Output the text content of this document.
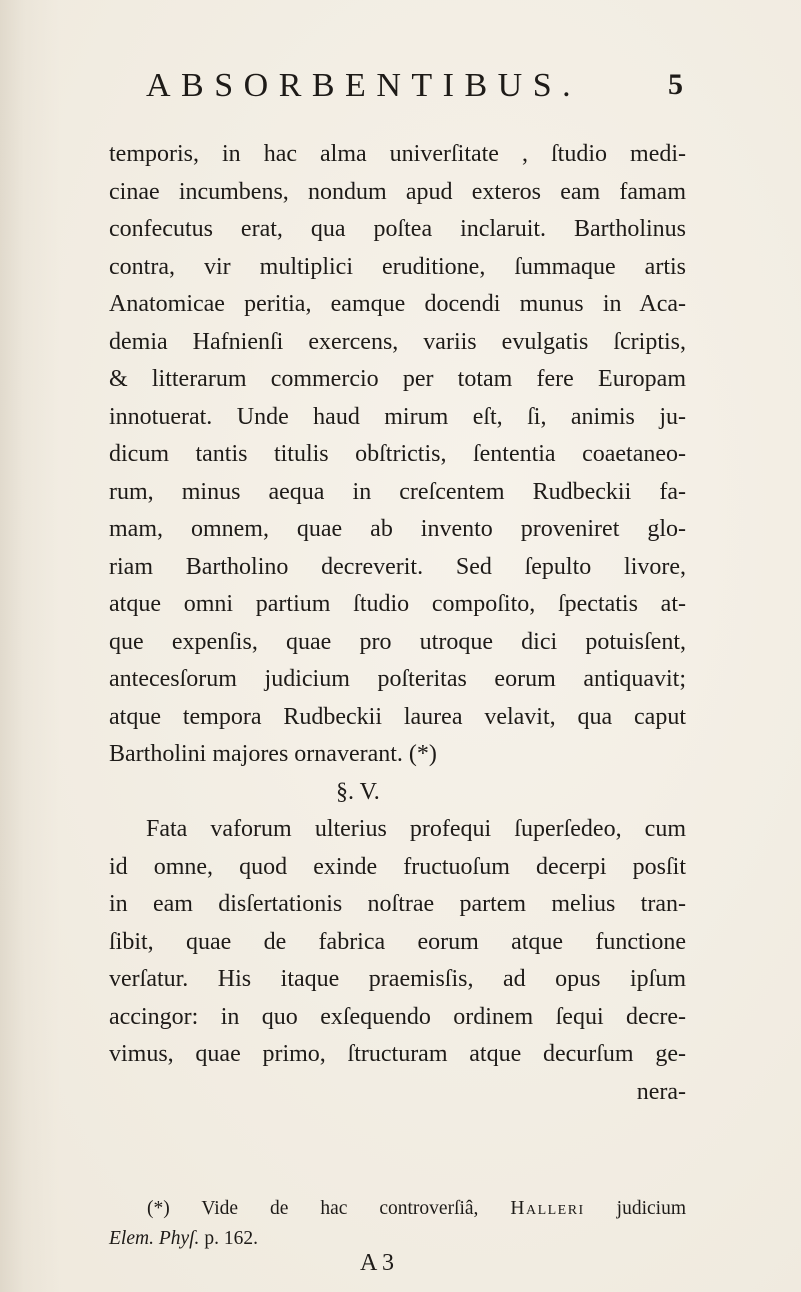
ABSORBENTIBUS.	5
temporis, in hac alma univerſitate , ſtudio medi-
cinae incumbens, nondum apud exteros eam famam
confecutus erat, qua poſtea inclaruit. Bartholinus
contra, vir multiplici eruditione, ſummaque artis
Anatomicae peritia, eamque docendi munus in Aca-
demia Hafnienſi exercens, variis evulgatis ſcriptis,
& litterarum commercio per totam fere Europam
innotuerat. Unde haud mirum eſt, ſi, animis ju-
dicum tantis titulis obſtrictis, ſententia coaetaneo-
rum, minus aequa in creſcentem Rudbeckii fa-
mam, omnem, quae ab invento proveniret glo-
riam Bartholino decreverit. Sed ſepulto livore,
atque omni partium ſtudio compoſito, ſpectatis at-
que expenſis, quae pro utroque dici potuisſent,
antecesſorum judicium poſteritas eorum antiquavit;
atque tempora Rudbeckii laurea velavit, qua caput
Bartholini majores ornaverant. (*)
§. V.
Fata vaforum ulterius profequi ſuperſedeo, cum
id omne, quod exinde fructuoſum decerpi posſit
in eam disſertationis noſtrae partem melius tran-
ſibit, quae de fabrica eorum atque functione
verſatur. His itaque praemisſis, ad opus ipſum
accingor: in quo exſequendo ordinem ſequi decre-
vimus, quae primo, ſtructuram atque decurſum ge-
nera-
(*) Vide de hac controverſiâ, Halleri judicium
Elem. Phyſ. p. 162.
A 3
